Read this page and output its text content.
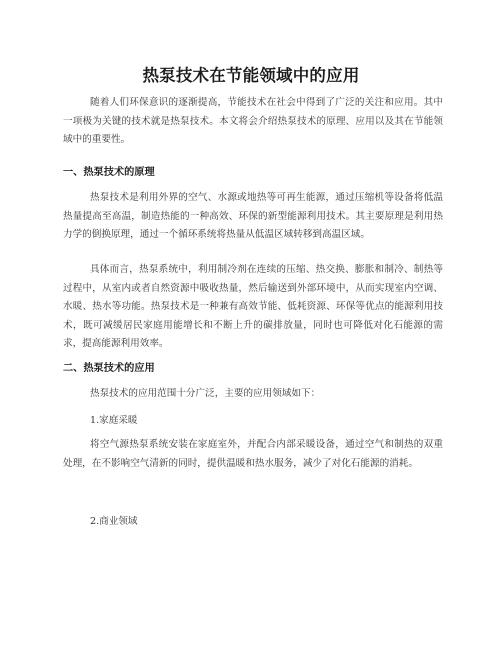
热泵技术在节能领域中的应用

随着人们环保意识的逐渐提高，节能技术在社会中得到了广泛的关注和应用。其中一项极为关键的技术就是热泵技术。本文将会介绍热泵技术的原理、应用以及其在节能领域中的重要性。

一、热泵技术的原理

热泵技术是利用外界的空气、水源或地热等可再生能源，通过压缩机等设备将低温热量提高至高温，制造热能的一种高效、环保的新型能源利用技术。其主要原理是利用热力学的倒换原理，通过一个循环系统将热量从低温区域转移到高温区域。

具体而言，热泵系统中，利用制冷剂在连续的压缩、热交换、膨胀和制冷、制热等过程中，从室内或者自然资源中吸收热量，然后输送到外部环境中，从而实现室内空调、水暖、热水等功能。热泵技术是一种兼有高效节能、低耗资源、环保等优点的能源利用技术，既可减缓居民家庭用能增长和不断上升的碳排放量，同时也可降低对化石能源的需求，提高能源利用效率。

二、热泵技术的应用

热泵技术的应用范围十分广泛，主要的应用领域如下：

1.家庭采暖

将空气源热泵系统安装在家庭室外，并配合内部采暖设备，通过空气和制热的双重处理，在不影响空气清新的同时，提供温暖和热水服务，减少了对化石能源的消耗。

2.商业领域
